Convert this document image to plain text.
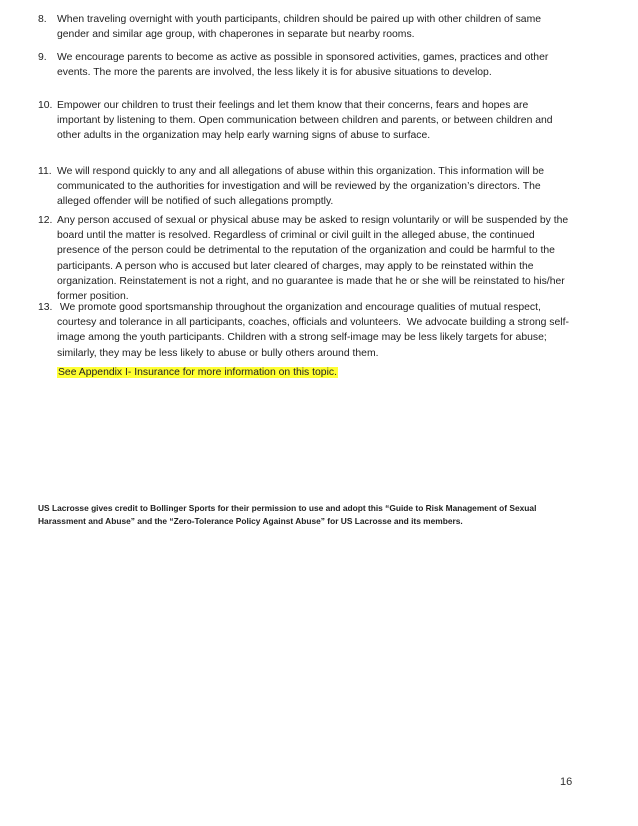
8. When traveling overnight with youth participants, children should be paired up with other children of same
gender and similar age group, with chaperones in separate but nearby rooms.
9. We encourage parents to become as active as possible in sponsored activities, games, practices and other
events. The more the parents are involved, the less likely it is for abusive situations to develop.
10. Empower our children to trust their feelings and let them know that their concerns, fears and hopes are
important by listening to them. Open communication between children and parents, or between children and
other adults in the organization may help early warning signs of abuse to surface.
11. We will respond quickly to any and all allegations of abuse within this organization. This information will be
communicated to the authorities for investigation and will be reviewed by the organization’s directors. The
alleged offender will be notified of such allegations promptly.
12. Any person accused of sexual or physical abuse may be asked to resign voluntarily or will be suspended by the
board until the matter is resolved. Regardless of criminal or civil guilt in the alleged abuse, the continued
presence of the person could be detrimental to the reputation of the organization and could be harmful to the
participants. A person who is accused but later cleared of charges, may apply to be reinstated within the
organization. Reinstatement is not a right, and no guarantee is made that he or she will be reinstated to his/her
former position.
13. We promote good sportsmanship throughout the organization and encourage qualities of mutual respect,
courtesy and tolerance in all participants, coaches, officials and volunteers.  We advocate building a strong self-
image among the youth participants. Children with a strong self-image may be less likely targets for abuse;
similarly, they may be less likely to abuse or bully others around them.
See Appendix I- Insurance for more information on this topic.
US Lacrosse gives credit to Bollinger Sports for their permission to use and adopt this “Guide to Risk Management of Sexual
Harassment and Abuse” and the “Zero-Tolerance Policy Against Abuse” for US Lacrosse and its members.
16
